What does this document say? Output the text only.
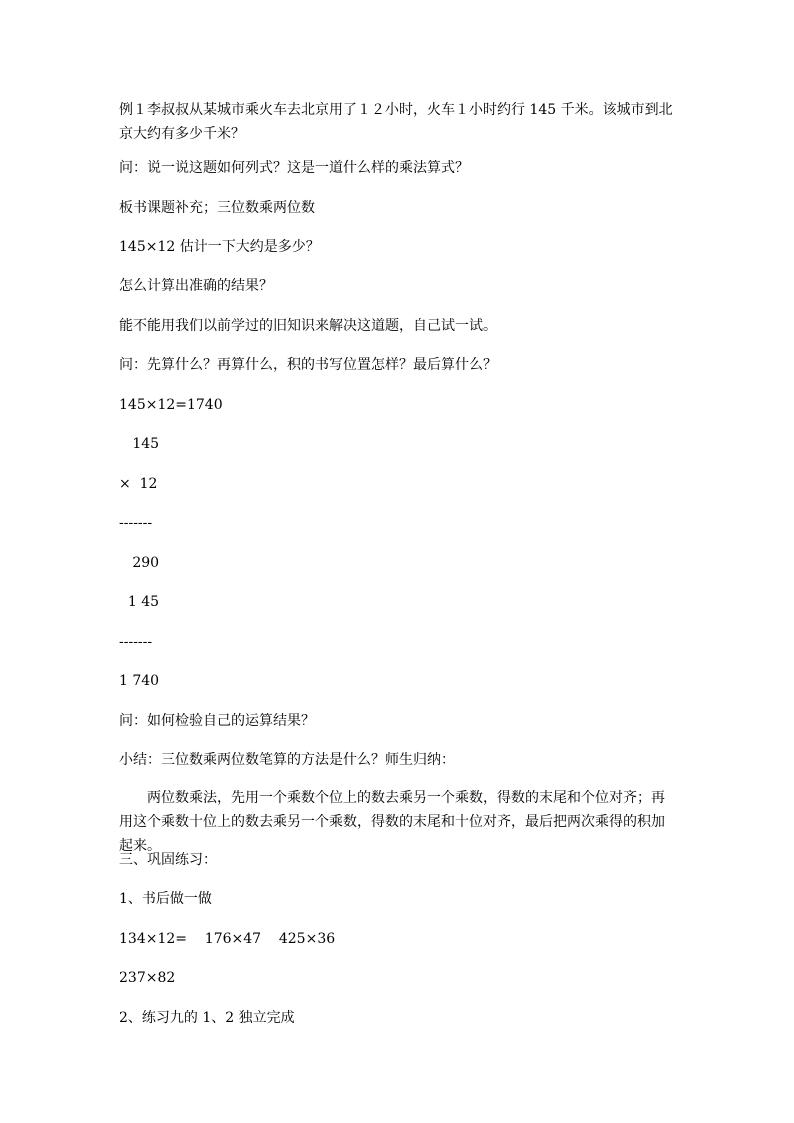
例１李叔叔从某城市乘火车去北京用了１２小时，火车１小时约行 145 千米。该城市到北京大约有多少千米？
问：说一说这题如何列式？这是一道什么样的乘法算式？
板书课题补充；三位数乘两位数
145×12 估计一下大约是多少？
怎么计算出准确的结果？
能不能用我们以前学过的旧知识来解决这道题，自己试一试。
问：先算什么？再算什么，积的书写位置怎样？最后算什么？
145×12=1740
145
×  12
-------
290
1 45
-------
1 740
问：如何检验自己的运算结果？
小结：三位数乘两位数笔算的方法是什么？师生归纳：
两位数乘法，先用一个乘数个位上的数去乘另一个乘数，得数的末尾和个位对齐；再用这个乘数十位上的数去乘另一个乘数，得数的末尾和十位对齐，最后把两次乘得的积加起来。
三、巩固练习：
1、书后做一做
134×12=    176×47    425×36
237×82
2、练习九的 1、2 独立完成
